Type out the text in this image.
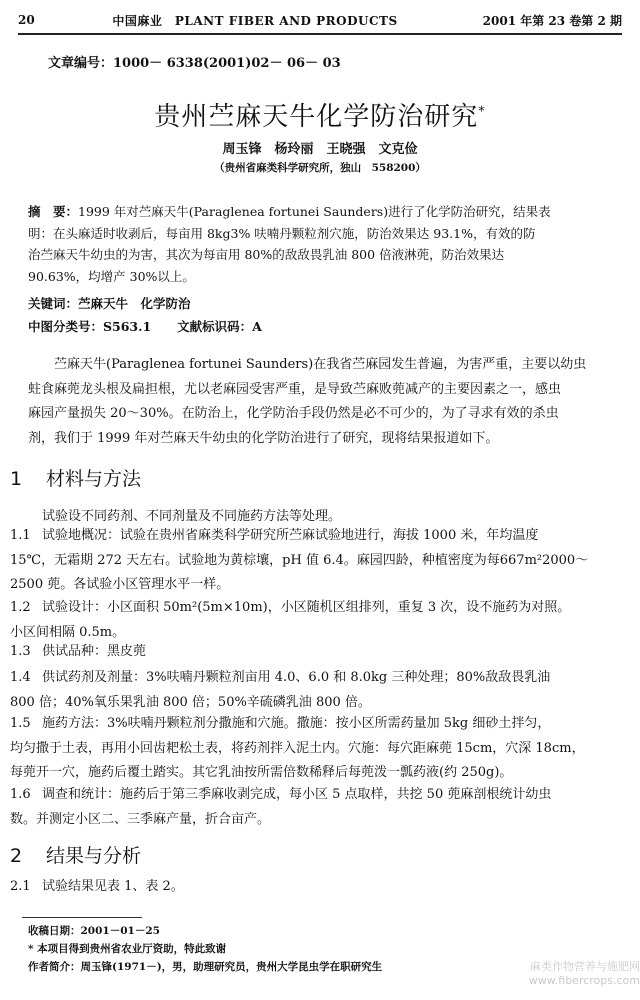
20	中国麻业　PLANT FIBER AND PRODUCTS	2001 年第 23 卷第 2 期
文章编号：1000－ 6338(2001)02－ 06－ 03
贵州苎麻天牛化学防治研究*
周玉锋　杨玲丽　王晓强　文克俭
（贵州省麻类科学研究所，独山　558200）
摘　要：1999 年对苎麻天牛(Paraglenea fortunei Saunders)进行了化学防治研究，结果表
明：在头麻适时收剥后，每亩用 8kg3% 呋喃丹颗粒剂穴施，防治效果达 93.1%，有效的防
治苎麻天牛幼虫的为害，其次为每亩用 80%的敌敌畏乳油 800 倍液淋蔸，防治效果达
90.63%，均增产 30%以上。
关键词：苎麻天牛　化学防治
中图分类号：S563.1 文献标识码：A
　　苎麻天牛(Paraglenea fortunei Saunders)在我省苎麻园发生普遍，为害严重，主要以幼虫
蛀食麻蔸龙头根及扁担根，尤以老麻园受害严重，是导致苎麻败蔸减产的主要因素之一，感虫
麻园产量损失 20～30%。在防治上，化学防治手段仍然是必不可少的，为了寻求有效的杀虫
剂，我们于 1999 年对苎麻天牛幼虫的化学防治进行了研究，现将结果报道如下。
1 材料与方法
试验设不同药剂、不同剂量及不同施药方法等处理。
1.1 试验地概况：试验在贵州省麻类科学研究所苎麻试验地进行，海拔 1000 米，年均温度
15℃，无霜期 272 天左右。试验地为黄棕壤，pH 值 6.4。麻园四龄，种植密度为每667m²2000～
2500 蔸。各试验小区管理水平一样。
1.2 试验设计：小区面积 50m²(5m×10m)，小区随机区组排列，重复 3 次，设不施药为对照。
小区间相隔 0.5m。
1.3 供试品种：黑皮蔸
1.4 供试药剂及剂量：3%呋喃丹颗粒剂亩用 4.0、6.0 和 8.0kg 三种处理；80%敌敌畏乳油
800 倍；40%氧乐果乳油 800 倍；50%辛硫磷乳油 800 倍。
1.5 施药方法：3%呋喃丹颗粒剂分撒施和穴施。撒施：按小区所需药量加 5kg 细砂土拌匀，
均匀撒于土表，再用小回齿耙松土表，将药剂拌入泥土内。穴施：每穴距麻蔸 15cm，穴深 18cm，
每蔸开一穴，施药后覆土踏实。其它乳油按所需倍数稀释后每蔸泼一瓢药液(约 250g)。
1.6 调查和统计：施药后于第三季麻收剥完成，每小区 5 点取样，共挖 50 蔸麻剖根统计幼虫
数。并测定小区二、三季麻产量，折合亩产。
2 结果与分析
2.1 试验结果见表 1、表 2。
收稿日期：2001－01－25
* 本项目得到贵州省农业厅资助，特此致谢
作者简介：周玉锋(1971－)，男，助理研究员，贵州大学昆虫学在职研究生	麻类作物营养与施肥网 www.fibercrops.com
